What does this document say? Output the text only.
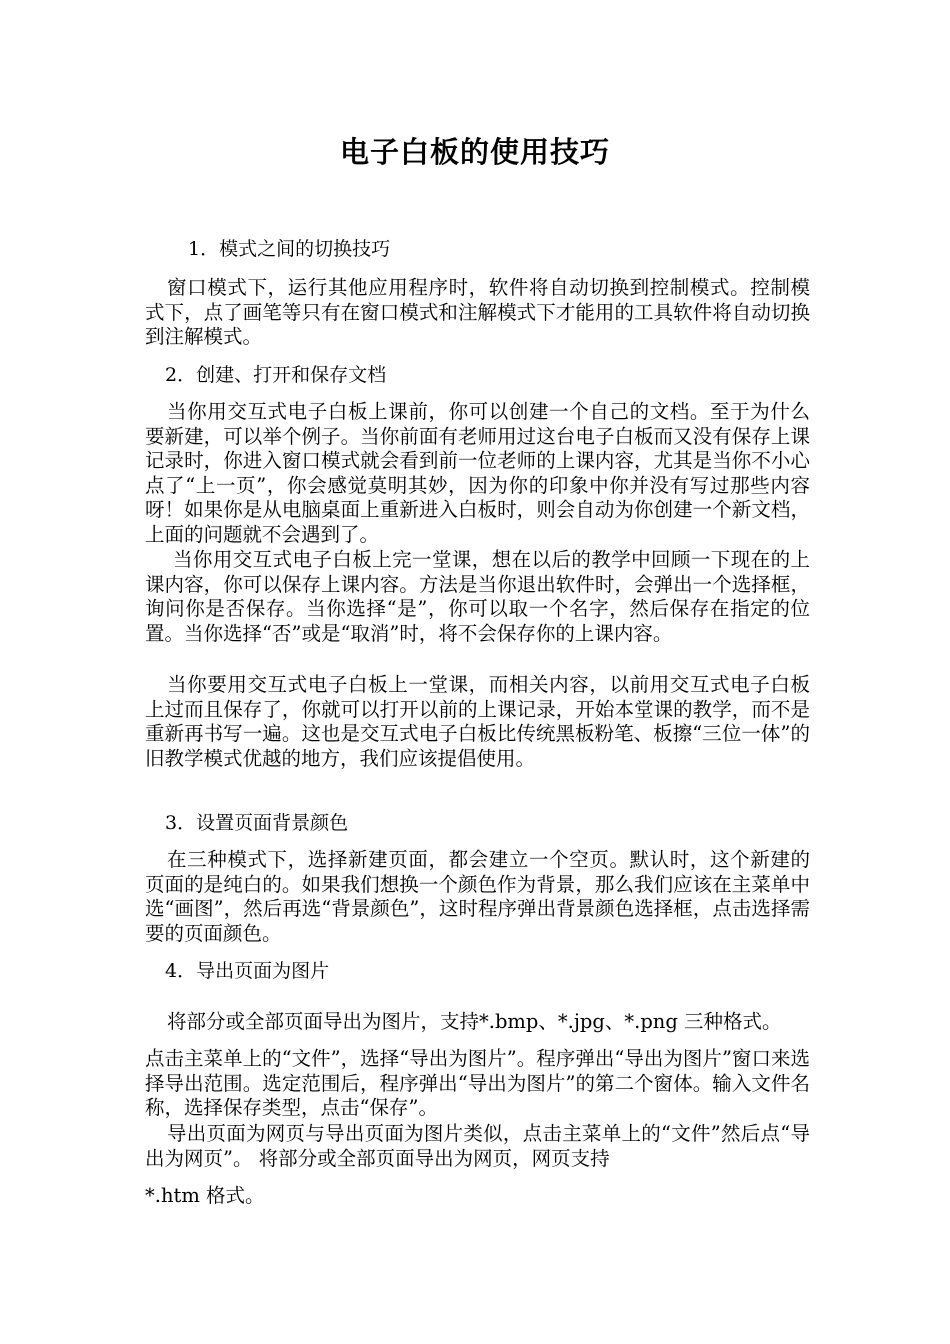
电子白板的使用技巧
1．模式之间的切换技巧
窗口模式下，运行其他应用程序时，软件将自动切换到控制模式。控制模式下，点了画笔等只有在窗口模式和注解模式下才能用的工具软件将自动切换到注解模式。
2．创建、打开和保存文档
当你用交互式电子白板上课前，你可以创建一个自己的文档。至于为什么要新建，可以举个例子。当你前面有老师用过这台电子白板而又没有保存上课记录时，你进入窗口模式就会看到前一位老师的上课内容，尤其是当你不小心点了“上一页”，你会感觉莫明其妙，因为你的印象中你并没有写过那些内容呀！如果你是从电脑桌面上重新进入白板时，则会自动为你创建一个新文档，上面的问题就不会遇到了。
当你用交互式电子白板上完一堂课，想在以后的教学中回顾一下现在的上课内容，你可以保存上课内容。方法是当你退出软件时，会弹出一个选择框，询问你是否保存。当你选择“是”，你可以取一个名字，然后保存在指定的位置。当你选择“否”或是“取消”时，将不会保存你的上课内容。
当你要用交互式电子白板上一堂课，而相关内容，以前用交互式电子白板上过而且保存了，你就可以打开以前的上课记录，开始本堂课的教学，而不是重新再书写一遍。这也是交互式电子白板比传统黑板粉笔、板擦“三位一体”的旧教学模式优越的地方，我们应该提倡使用。
3．设置页面背景颜色
在三种模式下，选择新建页面，都会建立一个空页。默认时，这个新建的页面的是纯白的。如果我们想换一个颜色作为背景，那么我们应该在主菜单中选“画图”，然后再选“背景颜色”，这时程序弹出背景颜色选择框，点击选择需要的页面颜色。
4．导出页面为图片
将部分或全部页面导出为图片，支持*.bmp、*.jpg、*.png 三种格式。
点击主菜单上的“文件”，选择“导出为图片”。程序弹出“导出为图片”窗口来选择导出范围。选定范围后，程序弹出“导出为图片”的第二个窗体。输入文件名称，选择保存类型，点击“保存”。
导出页面为网页与导出页面为图片类似，点击主菜单上的“文件”然后点“导出为网页”。 将部分或全部页面导出为网页，网页支持
*.htm 格式。
